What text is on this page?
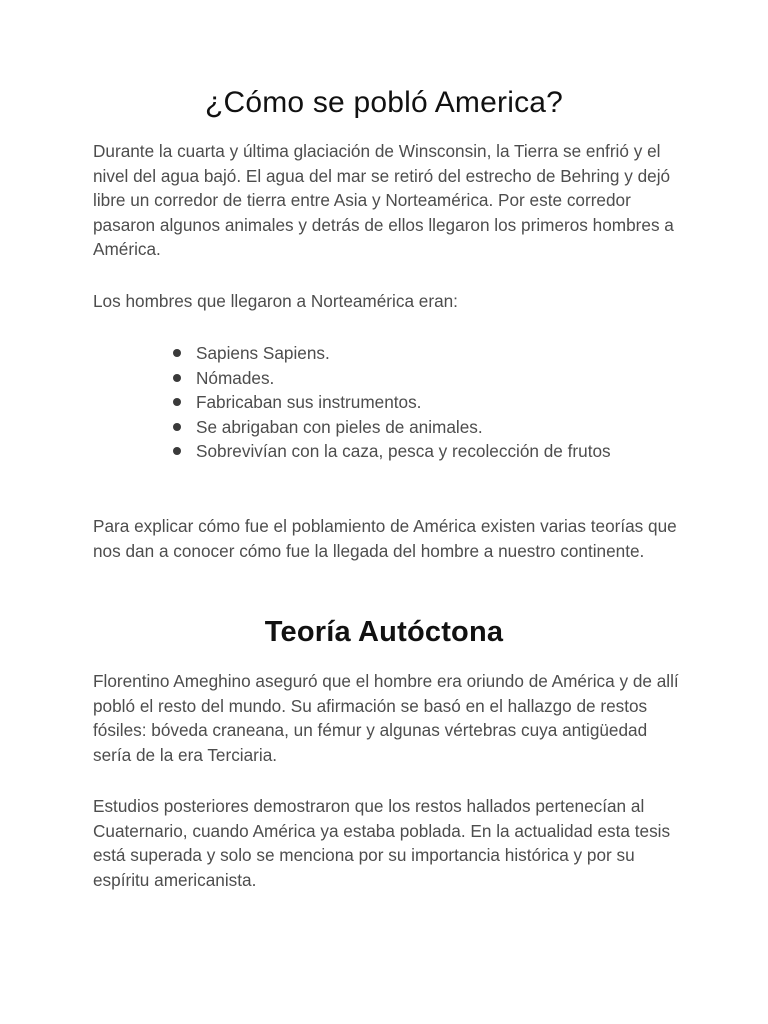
¿Cómo se pobló America?

Durante la cuarta y última glaciación de Winsconsin, la Tierra se enfrió y el nivel del agua bajó. El agua del mar se retiró del estrecho de Behring y dejó libre un corredor de tierra entre Asia y Norteamérica. Por este corredor pasaron algunos animales y detrás de ellos llegaron los primeros hombres a América.

Los hombres que llegaron a Norteamérica eran:

Sapiens Sapiens.
Nómades.
Fabricaban sus instrumentos.
Se abrigaban con pieles de animales.
Sobrevivían con la caza, pesca y recolección de frutos

Para explicar cómo fue el poblamiento de América existen varias teorías que nos dan a conocer cómo fue la llegada del hombre a nuestro continente.

Teoría Autóctona

Florentino Ameghino aseguró que el hombre era oriundo de América y de allí pobló el resto del mundo. Su afirmación se basó en el hallazgo de restos fósiles: bóveda craneana, un fémur y algunas vértebras cuya antigüedad sería de la era Terciaria.

Estudios posteriores demostraron que los restos hallados pertenecían al Cuaternario, cuando América ya estaba poblada. En la actualidad esta tesis está superada y solo se menciona por su importancia histórica y por su espíritu americanista.
